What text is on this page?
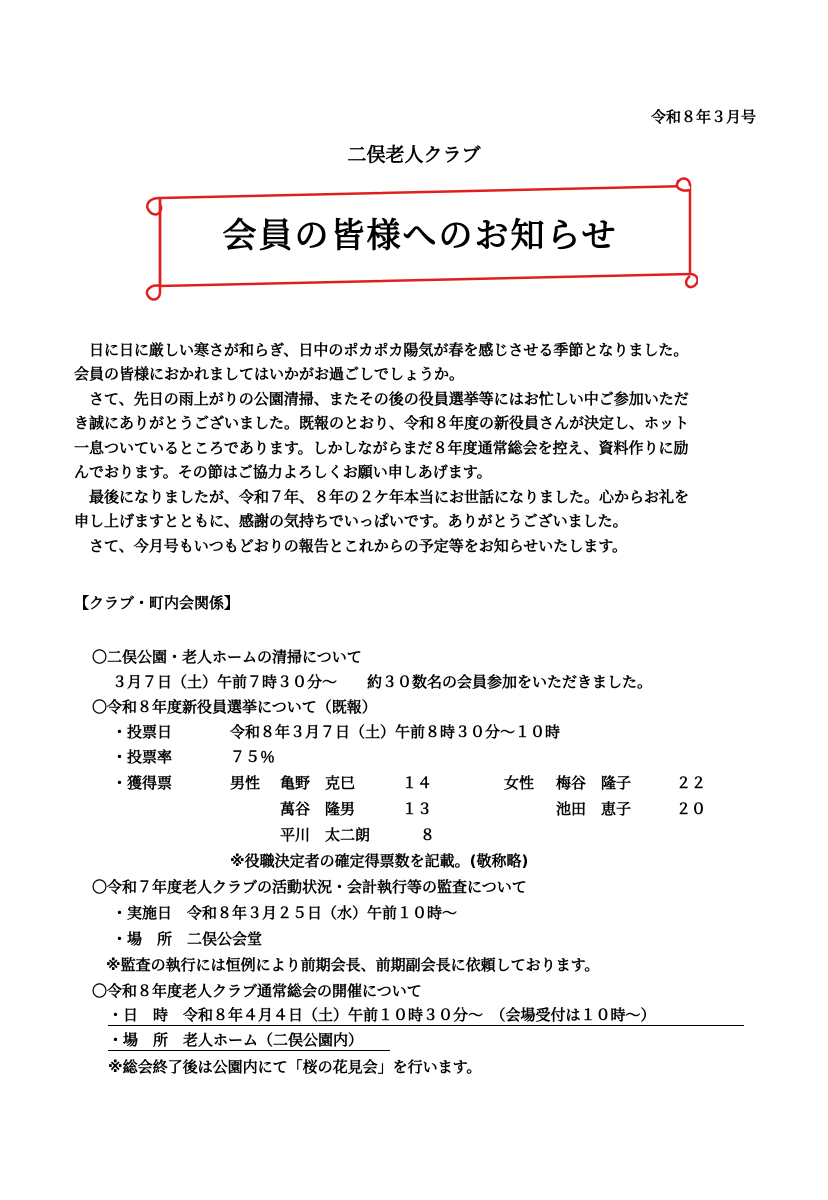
令和８年３月号
二俣老人クラブ
会員の皆様へのお知らせ
　日に日に厳しい寒さが和らぎ、日中のポカポカ陽気が春を感じさせる季節となりました。
会員の皆様におかれましてはいかがお過ごしでしょうか。
　さて、先日の雨上がりの公園清掃、またその後の役員選挙等にはお忙しい中ご参加いただ
き誠にありがとうございました。既報のとおり、令和８年度の新役員さんが決定し、ホット
一息ついているところであります。しかしながらまだ８年度通常総会を控え、資料作りに励
んでおります。その節はご協力よろしくお願い申しあげます。
　最後になりましたが、令和７年、８年の２ケ年本当にお世話になりました。心からお礼を
申し上げますとともに、感謝の気持ちでいっぱいです。ありがとうございました。
　さて、今月号もいつもどおりの報告とこれからの予定等をお知らせいたします。
【クラブ・町内会関係】
〇二俣公園・老人ホームの清掃について
３月７日（土）午前７時３０分～　　約３０数名の会員参加をいただきました。
〇令和８年度新役員選挙について（既報）
・投票日	令和８年３月７日（土）午前８時３０分～１０時
・投票率	７５％
・獲得票	男性 亀野　克巳	１４	女性 梅谷　隆子	２２
萬谷　隆男	１３	池田　恵子	２０
平川　太二朗	８
※役職決定者の確定得票数を記載。(敬称略)
〇令和７年度老人クラブの活動状況・会計執行等の監査について
・実施日　令和８年３月２５日（水）午前１０時～
・場　所　二俣公会堂
※監査の執行には恒例により前期会長、前期副会長に依頼しております。
〇令和８年度老人クラブ通常総会の開催について
・日　時　令和８年４月４日（土）午前１０時３０分～　（会場受付は１０時～）
・場　所　老人ホーム（二俣公園内）
※総会終了後は公園内にて「桜の花見会」を行います。
